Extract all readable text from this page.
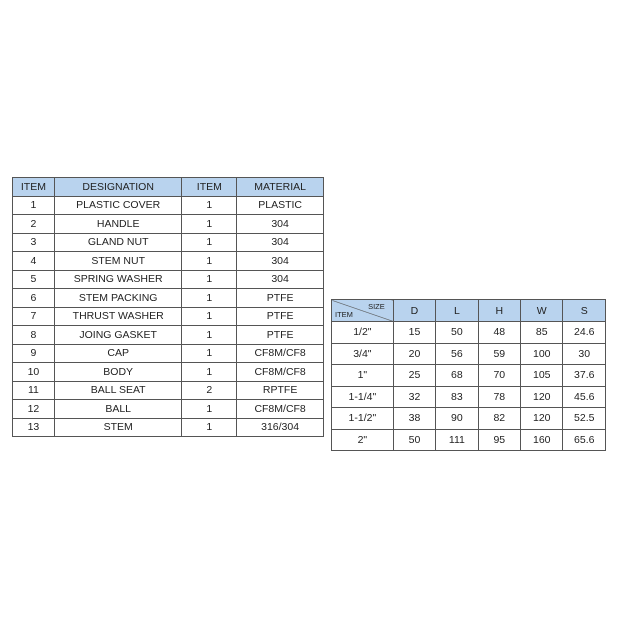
ITEM	DESIGNATION	ITEM	MATERIAL
1	PLASTIC COVER	1	PLASTIC
2	HANDLE	1	304
3	GLAND NUT	1	304
4	STEM NUT	1	304
5	SPRING WASHER	1	304
6	STEM PACKING	1	PTFE
7	THRUST WASHER	1	PTFE
8	JOING GASKET	1	PTFE
9	CAP	1	CF8M/CF8
10	BODY	1	CF8M/CF8
11	BALL SEAT	2	RPTFE
12	BALL	1	CF8M/CF8
13	STEM	1	316/304
SIZE
ITEM	D	L	H	W	S
1/2"	15	50	48	85	24.6
3/4"	20	56	59	100	30
1"	25	68	70	105	37.6
1-1/4"	32	83	78	120	45.6
1-1/2"	38	90	82	120	52.5
2"	50	111	95	160	65.6
